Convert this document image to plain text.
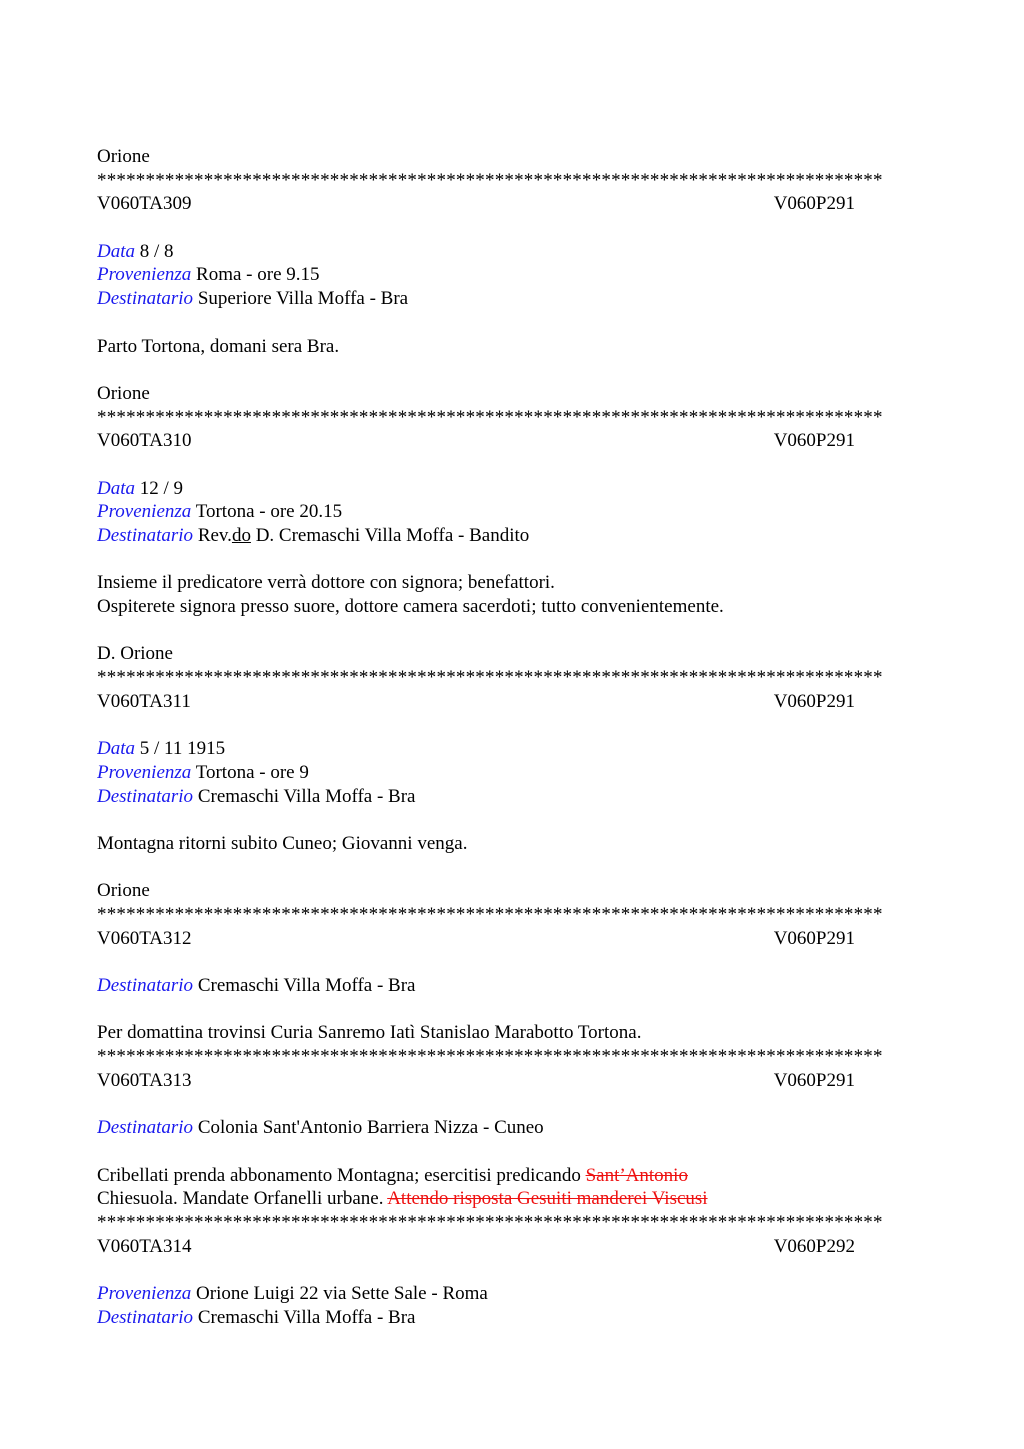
Orione
*********************************************************************************
V060TA309	V060P291
Data 8 / 8
Provenienza Roma - ore 9.15
Destinatario Superiore Villa Moffa - Bra
Parto Tortona, domani sera Bra.
Orione
*********************************************************************************
V060TA310	V060P291
Data 12 / 9
Provenienza Tortona - ore 20.15
Destinatario Rev.do D. Cremaschi Villa Moffa - Bandito
Insieme il predicatore verrà dottore con signora; benefattori.
Ospiterete signora presso suore, dottore camera sacerdoti; tutto convenientemente.
D. Orione
*********************************************************************************
V060TA311	V060P291
Data 5 / 11 1915
Provenienza Tortona - ore 9
Destinatario Cremaschi Villa Moffa - Bra
Montagna ritorni subito Cuneo; Giovanni venga.
Orione
*********************************************************************************
V060TA312	V060P291
Destinatario Cremaschi Villa Moffa - Bra
Per domattina trovinsi Curia Sanremo Iatì Stanislao Marabotto Tortona.
*********************************************************************************
V060TA313	V060P291
Destinatario Colonia Sant'Antonio Barriera Nizza - Cuneo
Cribellati prenda abbonamento Montagna; esercitisi predicando Sant’Antonio
Chiesuola. Mandate Orfanelli urbane. Attendo risposta Gesuiti manderei Viscusi
*********************************************************************************
V060TA314	V060P292
Provenienza Orione Luigi 22 via Sette Sale - Roma
Destinatario Cremaschi Villa Moffa - Bra
